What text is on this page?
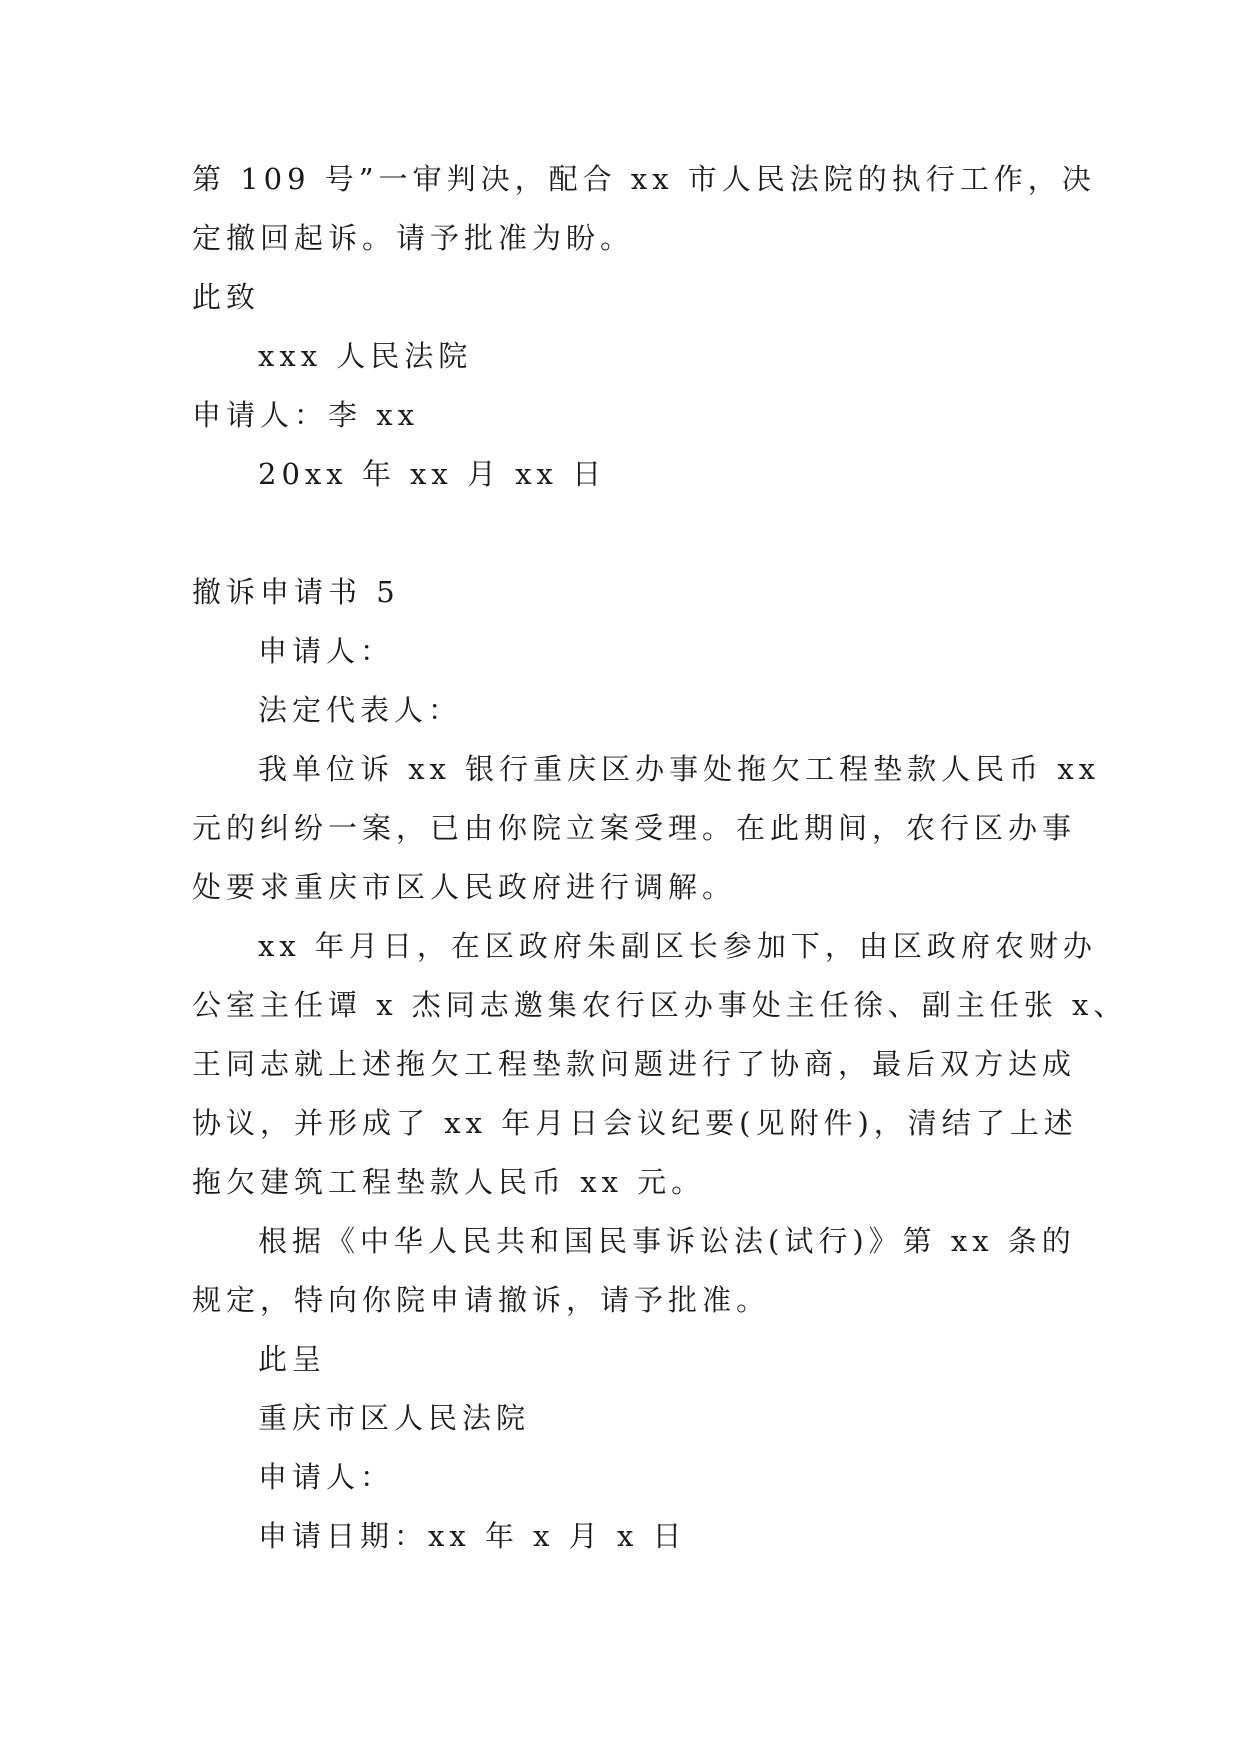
第 109 号”一审判决，配合 xx 市人民法院的执行工作，决
定撤回起诉。请予批准为盼。
此致
xxx 人民法院
申请人：李 xx
20xx 年 xx 月 xx 日
撤诉申请书 5
申请人：
法定代表人：
我单位诉 xx 银行重庆区办事处拖欠工程垫款人民币 xx
元的纠纷一案，已由你院立案受理。在此期间，农行区办事
处要求重庆市区人民政府进行调解。
xx 年月日，在区政府朱副区长参加下，由区政府农财办
公室主任谭 x 杰同志邀集农行区办事处主任徐、副主任张 x、
王同志就上述拖欠工程垫款问题进行了协商，最后双方达成
协议，并形成了 xx 年月日会议纪要(见附件)，清结了上述
拖欠建筑工程垫款人民币 xx 元。
根据《中华人民共和国民事诉讼法(试行)》第 xx 条的
规定，特向你院申请撤诉，请予批准。
此呈
重庆市区人民法院
申请人：
申请日期：xx 年 x 月 x 日
